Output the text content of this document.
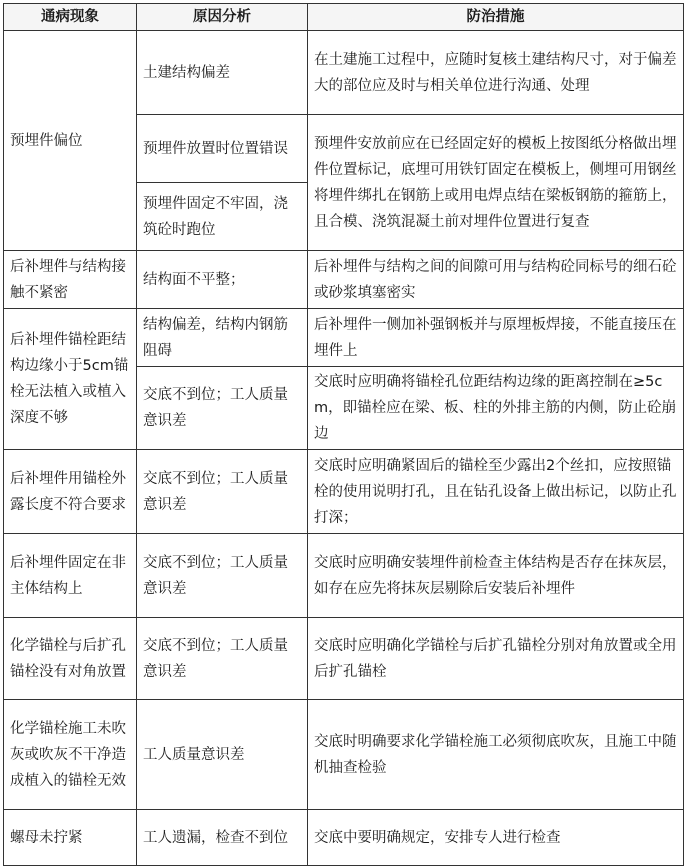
通病现象	原因分析	防治措施
预埋件偏位	土建结构偏差	在土建施工过程中，应随时复核土建结构尺寸，对于偏差大的部位应及时与相关单位进行沟通、处理
	预埋件放置时位置错误	预埋件安放前应在已经固定好的模板上按图纸分格做出埋件位置标记，底埋可用铁钉固定在模板上，侧埋可用钢丝将埋件绑扎在钢筋上或用电焊点结在梁板钢筋的箍筋上，且合模、浇筑混凝土前对埋件位置进行复查
	预埋件固定不牢固，浇筑砼时跑位	
后补埋件与结构接触不紧密	结构面不平整；	后补埋件与结构之间的间隙可用与结构砼同标号的细石砼或砂浆填塞密实
后补埋件锚栓距结构边缘小于5cm锚栓无法植入或植入深度不够	结构偏差，结构内钢筋阻碍	后补埋件一侧加补强钢板并与原埋板焊接，不能直接压在埋件上
	交底不到位；工人质量意识差	交底时应明确将锚栓孔位距结构边缘的距离控制在≥5cm，即锚栓应在梁、板、柱的外排主筋的内侧，防止砼崩边
后补埋件用锚栓外露长度不符合要求	交底不到位；工人质量意识差	交底时应明确紧固后的锚栓至少露出2个丝扣，应按照锚栓的使用说明打孔，且在钻孔设备上做出标记，以防止孔打深；
后补埋件固定在非主体结构上	交底不到位；工人质量意识差	交底时应明确安装埋件前检查主体结构是否存在抹灰层，如存在应先将抹灰层剔除后安装后补埋件
化学锚栓与后扩孔锚栓没有对角放置	交底不到位；工人质量意识差	交底时应明确化学锚栓与后扩孔锚栓分别对角放置或全用后扩孔锚栓
化学锚栓施工未吹灰或吹灰不干净造成植入的锚栓无效	工人质量意识差	交底时明确要求化学锚栓施工必须彻底吹灰，且施工中随机抽查检验
螺母未拧紧	工人遗漏，检查不到位	交底中要明确规定，安排专人进行检查
